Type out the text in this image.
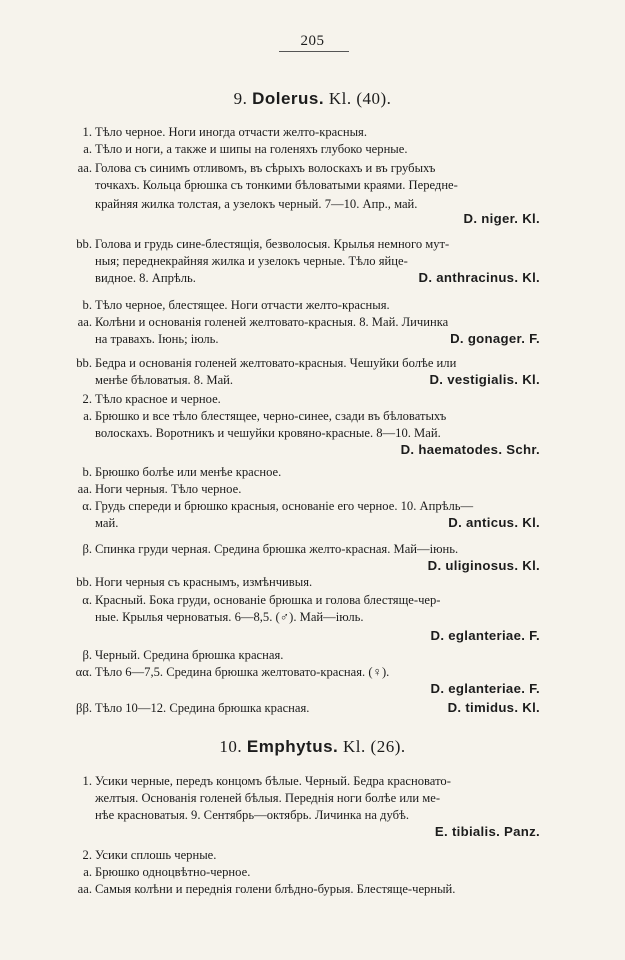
205
9. Dolerus. Kl. (40).
1. Тѣло черное. Ноги иногда отчасти желто-красныя.
a. Тѣло и ноги, а также и шипы на голеняхъ глубоко черные.
aa. Голова съ синимъ отливомъ, въ сѣрыхъ волоскахъ и въ грубыхъ
точкахъ. Кольца брюшка съ тонкими бѣловатыми краями. Передне-
крайняя жилка толстая, а узелокъ черный. 7—10. Апр., май.
D. niger. Kl.
bb. Голова и грудь сине-блестящія, безволосыя. Крылья немного мут-
ныя; переднекрайняя жилка и узелокъ черные. Тѣло яйце-
видное. 8. Апрѣль.	D. anthracinus. Kl.
b. Тѣло черное, блестящее. Ноги отчасти желто-красныя.
aa. Колѣни и основанія голеней желтовато-красныя. 8. Май. Личинка
на травахъ. Іюнь; іюль.	D. gonager. F.
bb. Бедра и основанія голеней желтовато-красныя. Чешуйки болѣе или
менѣе бѣловатыя. 8. Май.	D. vestigialis. Kl.
2. Тѣло красное и черное.
a. Брюшко и все тѣло блестящее, черно-синее, сзади въ бѣловатыхъ
волоскахъ. Воротникъ и чешуйки кровяно-красные. 8—10. Май.
D. haematodes. Schr.
b. Брюшко болѣе или менѣе красное.
aa. Ноги черныя. Тѣло черное.
α. Грудь спереди и брюшко красныя, основаніе его черное. 10. Апрѣль—
май.	D. anticus. Kl.
β. Спинка груди черная. Средина брюшка желто-красная. Май—іюнь.
D. uliginosus. Kl.
bb. Ноги черныя съ краснымъ, измѣнчивыя.
α. Красный. Бока груди, основаніе брюшка и голова блестяще-чер-
ные. Крылья черноватыя. 6—8,5. (♂). Май—іюль.
D. eglanteriae. F.
β. Черный. Средина брюшка красная.
αα. Тѣло 6—7,5. Средина брюшка желтовато-красная. (♀).
D. eglanteriae. F.
ββ. Тѣло 10—12. Средина брюшка красная.	D. timidus. Kl.
10. Emphytus. Kl. (26).
1. Усики черные, передъ концомъ бѣлые. Черный. Бедра красновато-
желтыя. Основанія голеней бѣлыя. Переднія ноги болѣе или ме-
нѣе красноватыя. 9. Сентябрь—октябрь. Личинка на дубѣ.
E. tibialis. Panz.
2. Усики сплошь черные.
a. Брюшко одноцвѣтно-черное.
aa. Самыя колѣни и переднія голени блѣдно-бурыя. Блестяще-черный.
